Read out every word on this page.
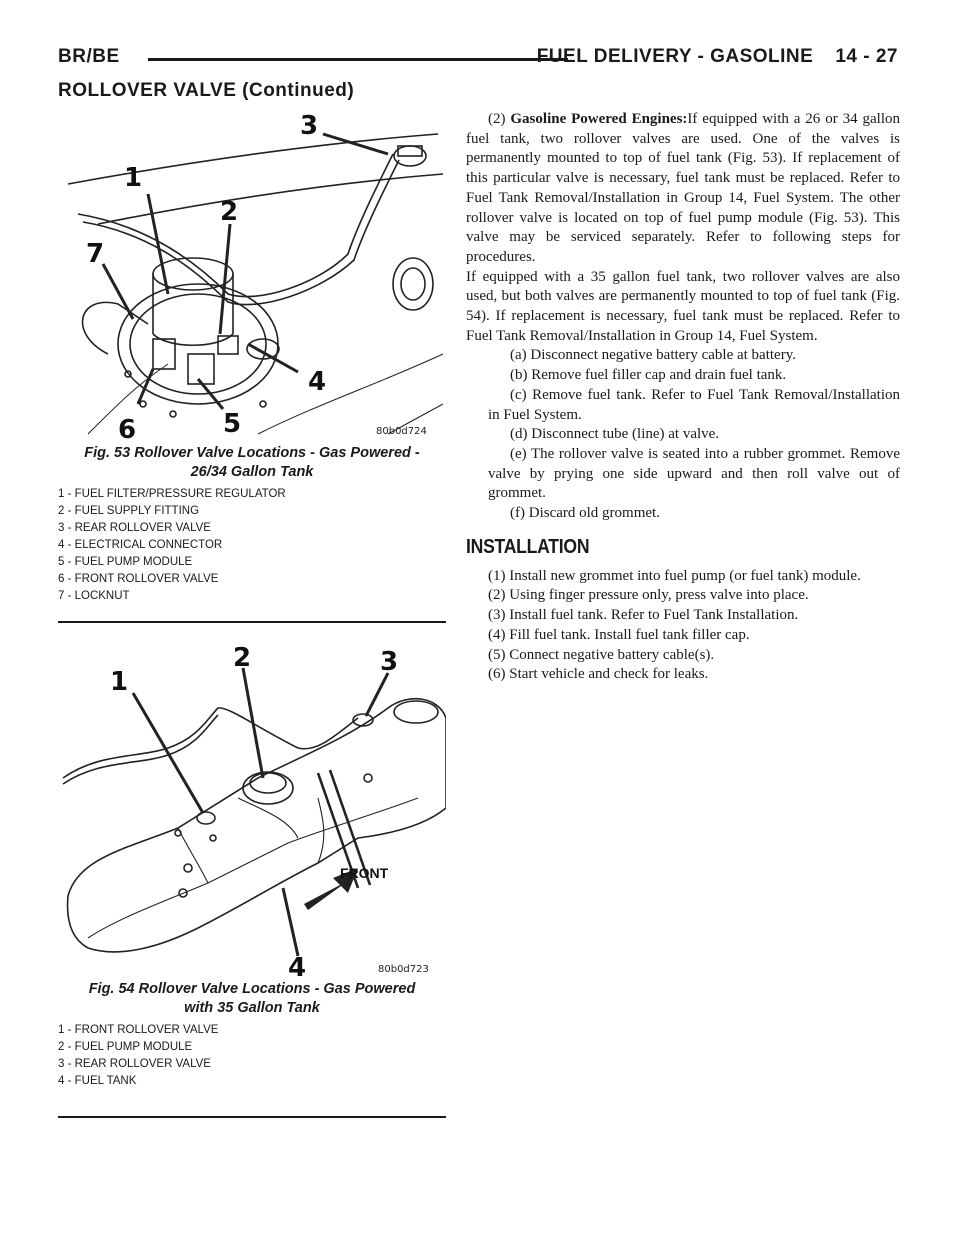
BR/BE	FUEL DELIVERY - GASOLINE 14 - 27
ROLLOVER VALVE (Continued)
3
1
2
7
4
5
6	80b0d724
Fig. 53 Rollover Valve Locations - Gas Powered -
26/34 Gallon Tank
1 - FUEL FILTER/PRESSURE REGULATOR
2 - FUEL SUPPLY FITTING
3 - REAR ROLLOVER VALVE
4 - ELECTRICAL CONNECTOR
5 - FUEL PUMP MODULE
6 - FRONT ROLLOVER VALVE
7 - LOCKNUT
FRONT
1
2	3
4	80b0d723
Fig. 54 Rollover Valve Locations - Gas Powered
with 35 Gallon Tank
1 - FRONT ROLLOVER VALVE
2 - FUEL PUMP MODULE
3 - REAR ROLLOVER VALVE
4 - FUEL TANK

(2) Gasoline Powered Engines:If equipped with a 26 or 34 gallon fuel tank, two rollover valves are used. One of the valves is permanently mounted to top of fuel tank (Fig. 53). If replacement of this particular valve is necessary, fuel tank must be replaced. Refer to Fuel Tank Removal/Installation in Group 14, Fuel System. The other rollover valve is located on top of fuel pump module (Fig. 53). This valve may be serviced separately. Refer to following steps for procedures.

If equipped with a 35 gallon fuel tank, two rollover valves are also used, but both valves are permanently mounted to top of fuel tank (Fig. 54). If replacement is necessary, fuel tank must be replaced. Refer to Fuel Tank Removal/Installation in Group 14, Fuel System.

(a) Disconnect negative battery cable at battery.

(b) Remove fuel filler cap and drain fuel tank.

(c) Remove fuel tank. Refer to Fuel Tank Removal/Installation in Fuel System.

(d) Disconnect tube (line) at valve.

(e) The rollover valve is seated into a rubber grommet. Remove valve by prying one side upward and then roll valve out of grommet.

(f) Discard old grommet.

INSTALLATION

(1) Install new grommet into fuel pump (or fuel tank) module.

(2) Using finger pressure only, press valve into place.

(3) Install fuel tank. Refer to Fuel Tank Installation.

(4) Fill fuel tank. Install fuel tank filler cap.

(5) Connect negative battery cable(s).

(6) Start vehicle and check for leaks.
